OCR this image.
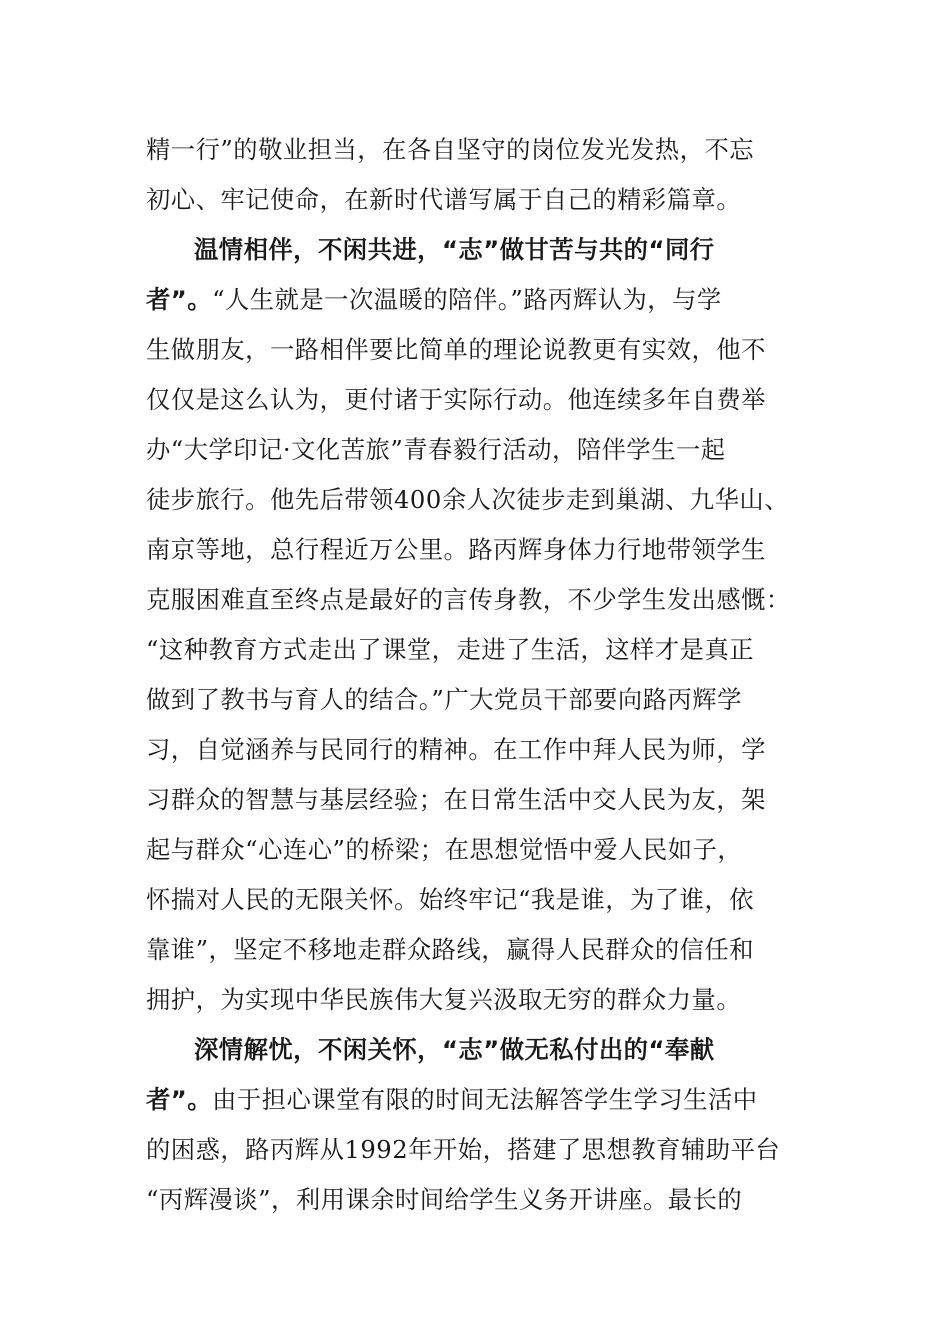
精一行”的敬业担当，在各自坚守的岗位发光发热，不忘
初心、牢记使命，在新时代谱写属于自己的精彩篇章。
温情相伴，不闲共进，“志”做甘苦与共的“同行
者”。“人生就是一次温暖的陪伴。”路丙辉认为，与学
生做朋友，一路相伴要比简单的理论说教更有实效，他不
仅仅是这么认为，更付诸于实际行动。他连续多年自费举
办“大学印记·文化苦旅”青春毅行活动，陪伴学生一起
徒步旅行。他先后带领400余人次徒步走到巢湖、九华山、
南京等地，总行程近万公里。路丙辉身体力行地带领学生
克服困难直至终点是最好的言传身教，不少学生发出感慨：
“这种教育方式走出了课堂，走进了生活，这样才是真正
做到了教书与育人的结合。”广大党员干部要向路丙辉学
习，自觉涵养与民同行的精神。在工作中拜人民为师，学
习群众的智慧与基层经验；在日常生活中交人民为友，架
起与群众“心连心”的桥梁；在思想觉悟中爱人民如子，
怀揣对人民的无限关怀。始终牢记“我是谁，为了谁，依
靠谁”，坚定不移地走群众路线，赢得人民群众的信任和
拥护，为实现中华民族伟大复兴汲取无穷的群众力量。
深情解忧，不闲关怀，“志”做无私付出的“奉献
者”。由于担心课堂有限的时间无法解答学生学习生活中
的困惑，路丙辉从1992年开始，搭建了思想教育辅助平台
“丙辉漫谈”，利用课余时间给学生义务开讲座。最长的
